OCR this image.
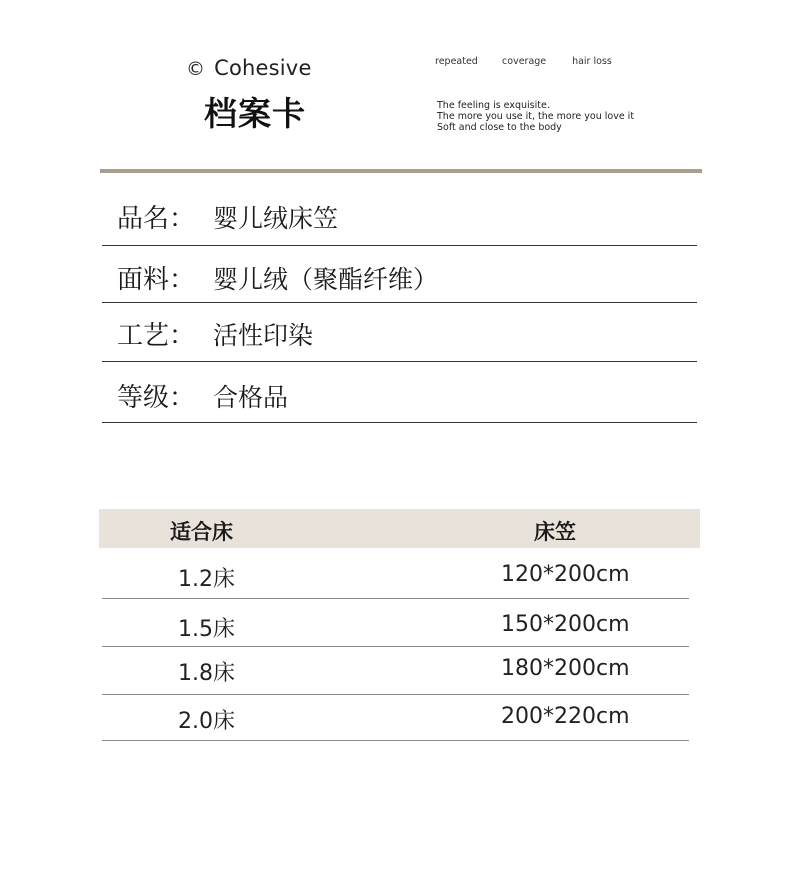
© Cohesive
档案卡
repeated	coverage	hair loss
The feeling is exquisite.
The more you use it, the more you love it
Soft and close to the body
品名： 婴儿绒床笠
面料： 婴儿绒（聚酯纤维）
工艺： 活性印染
等级： 合格品
适合床	床笠
1.2床	120*200cm
1.5床	150*200cm
1.8床	180*200cm
2.0床	200*220cm
